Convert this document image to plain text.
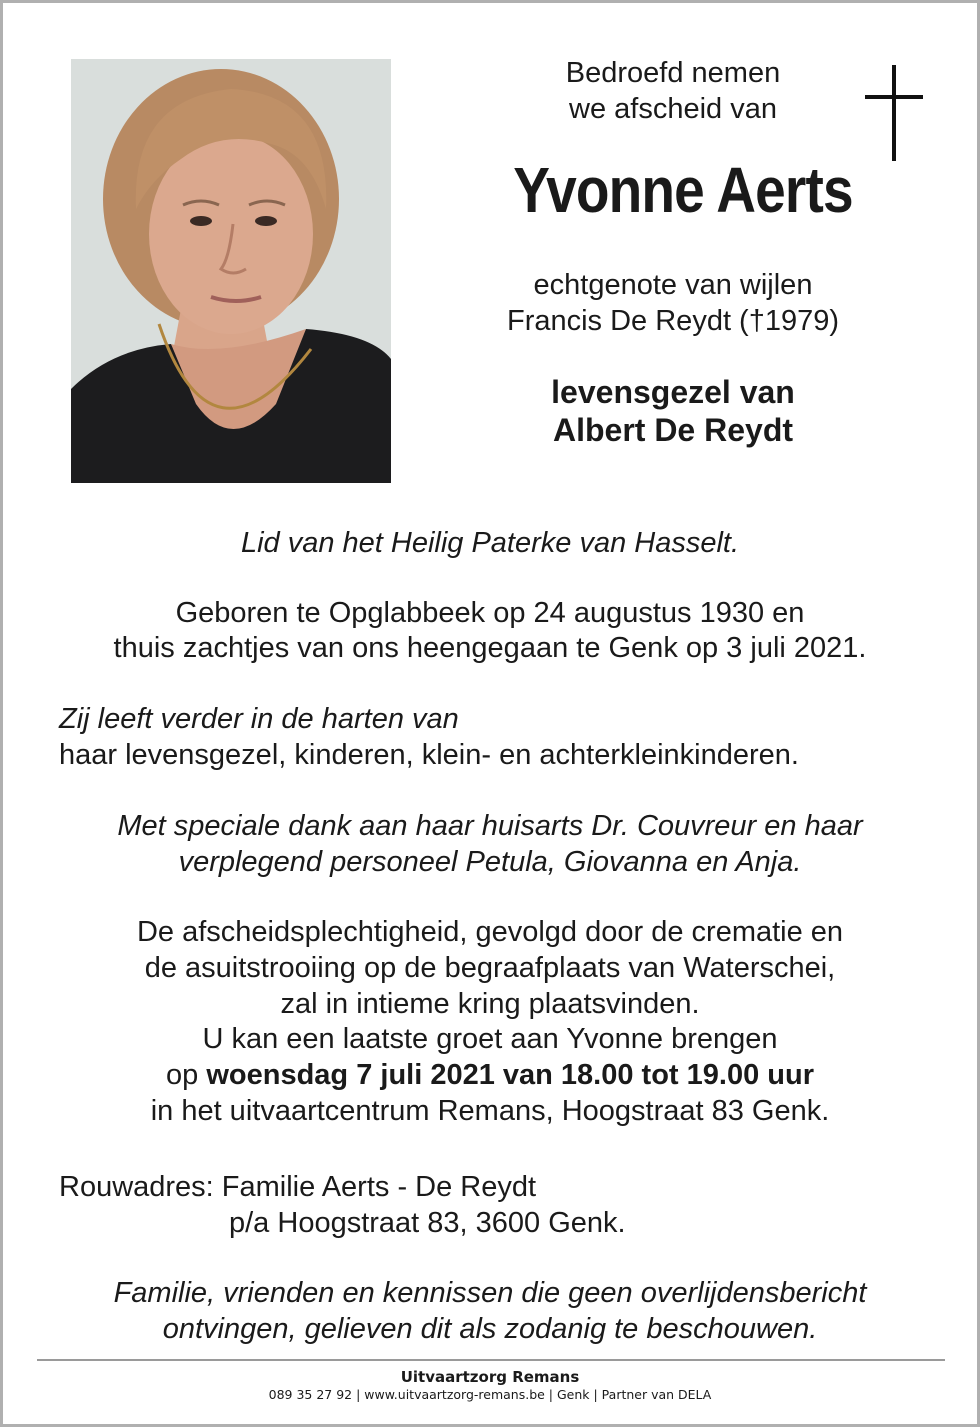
Bedroefd nemen
we afscheid van
Yvonne Aerts
echtgenote van wijlen
Francis De Reydt (†1979)
levensgezel van
Albert De Reydt
Lid van het Heilig Paterke van Hasselt.
Geboren te Opglabbeek op 24 augustus 1930 en
thuis zachtjes van ons heengegaan te Genk op 3 juli 2021.
Zij leeft verder in de harten van
haar levensgezel, kinderen, klein- en achterkleinkinderen.
Met speciale dank aan haar huisarts Dr. Couvreur en haar
verplegend personeel Petula, Giovanna en Anja.
De afscheidsplechtigheid, gevolgd door de crematie en
de asuitstrooiing op de begraafplaats van Waterschei,
zal in intieme kring plaatsvinden.
U kan een laatste groet aan Yvonne brengen
op woensdag 7 juli 2021 van 18.00 tot 19.00 uur
in het uitvaartcentrum Remans, Hoogstraat 83 Genk.
Rouwadres: Familie Aerts - De Reydt
p/a Hoogstraat 83, 3600 Genk.
Familie, vrienden en kennissen die geen overlijdensbericht
ontvingen, gelieven dit als zodanig te beschouwen.
Uitvaartzorg Remans
089 35 27 92 | www.uitvaartzorg-remans.be | Genk | Partner van DELA
